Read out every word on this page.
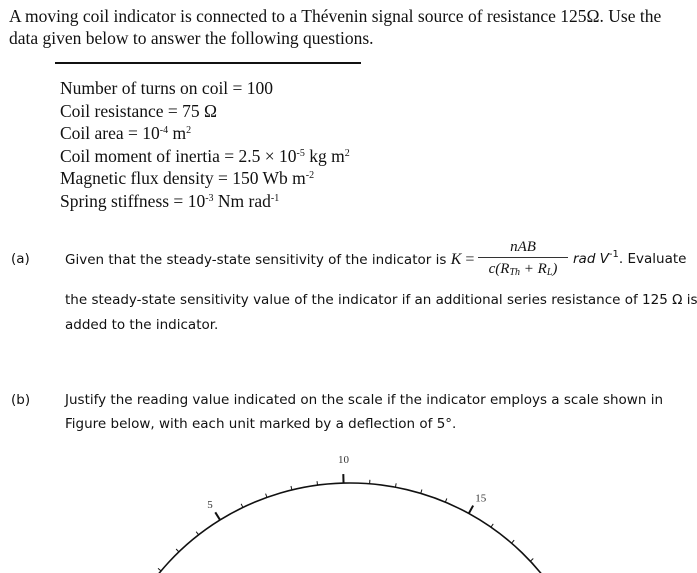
A moving coil indicator is connected to a Thévenin signal source of resistance 125Ω. Use the data given below to answer the following questions.
Number of turns on coil = 100
Coil resistance = 75 Ω
Coil area = $10^{-4}$ $m^2$
Coil moment of inertia = $2.5 \times 10^{-5}$ kg $m^2$
Magnetic flux density = 150 Wb $m^{-2}$
Spring stiffness = $10^{-3}$ Nm rad$^{-1}$
(a)	Given that the steady-state sensitivity of the indicator is K =
nAB
$c(R_{Th} + R_L)$
rad $V^{-1}$. Evaluate
the steady-state sensitivity value of the indicator if an additional series resistance of 125 Ω is
added to the indicator.
(b)	Justify the reading value indicated on the scale if the indicator employs a scale shown in
Figure below, with each unit marked by a deflection of 5°.
5
10
15
